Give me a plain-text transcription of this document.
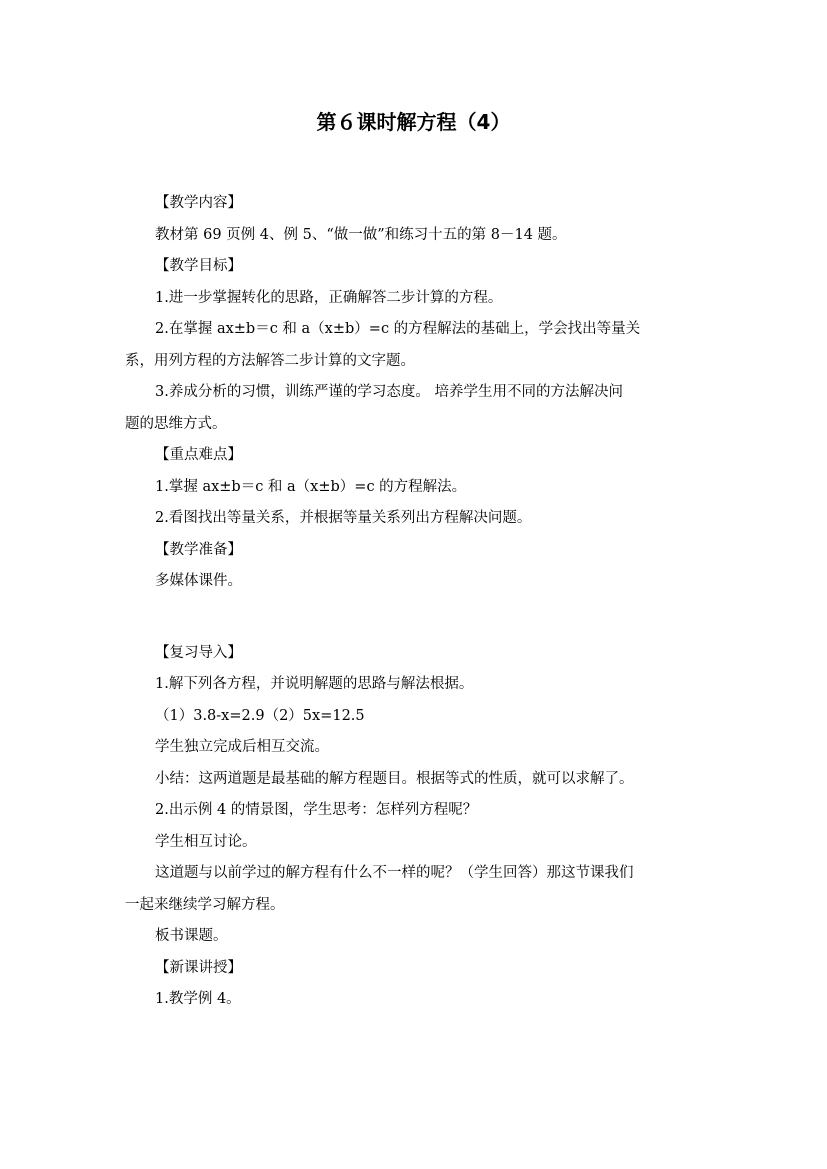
第６课时解方程（4）

【教学内容】

教材第 69 页例 4、例 5、“做一做”和练习十五的第 8－14 题。

【教学目标】

1.进一步掌握转化的思路，正确解答二步计算的方程。

2.在掌握 ax±b＝c 和 a（x±b）=c 的方程解法的基础上，学会找出等量关

系，用列方程的方法解答二步计算的文字题。

3.养成分析的习惯，训练严谨的学习态度。 培养学生用不同的方法解决问

题的思维方式。

【重点难点】

1.掌握 ax±b＝c 和 a（x±b）=c 的方程解法。

2.看图找出等量关系，并根据等量关系列出方程解决问题。

【教学准备】

多媒体课件。

【复习导入】

1.解下列各方程，并说明解题的思路与解法根据。

（1）3.8-x=2.9（2）5x=12.5

学生独立完成后相互交流。

小结：这两道题是最基础的解方程题目。根据等式的性质，就可以求解了。

2.出示例 4 的情景图，学生思考：怎样列方程呢？

学生相互讨论。

这道题与以前学过的解方程有什么不一样的呢？（学生回答）那这节课我们

一起来继续学习解方程。

板书课题。

【新课讲授】

1.教学例 4。
